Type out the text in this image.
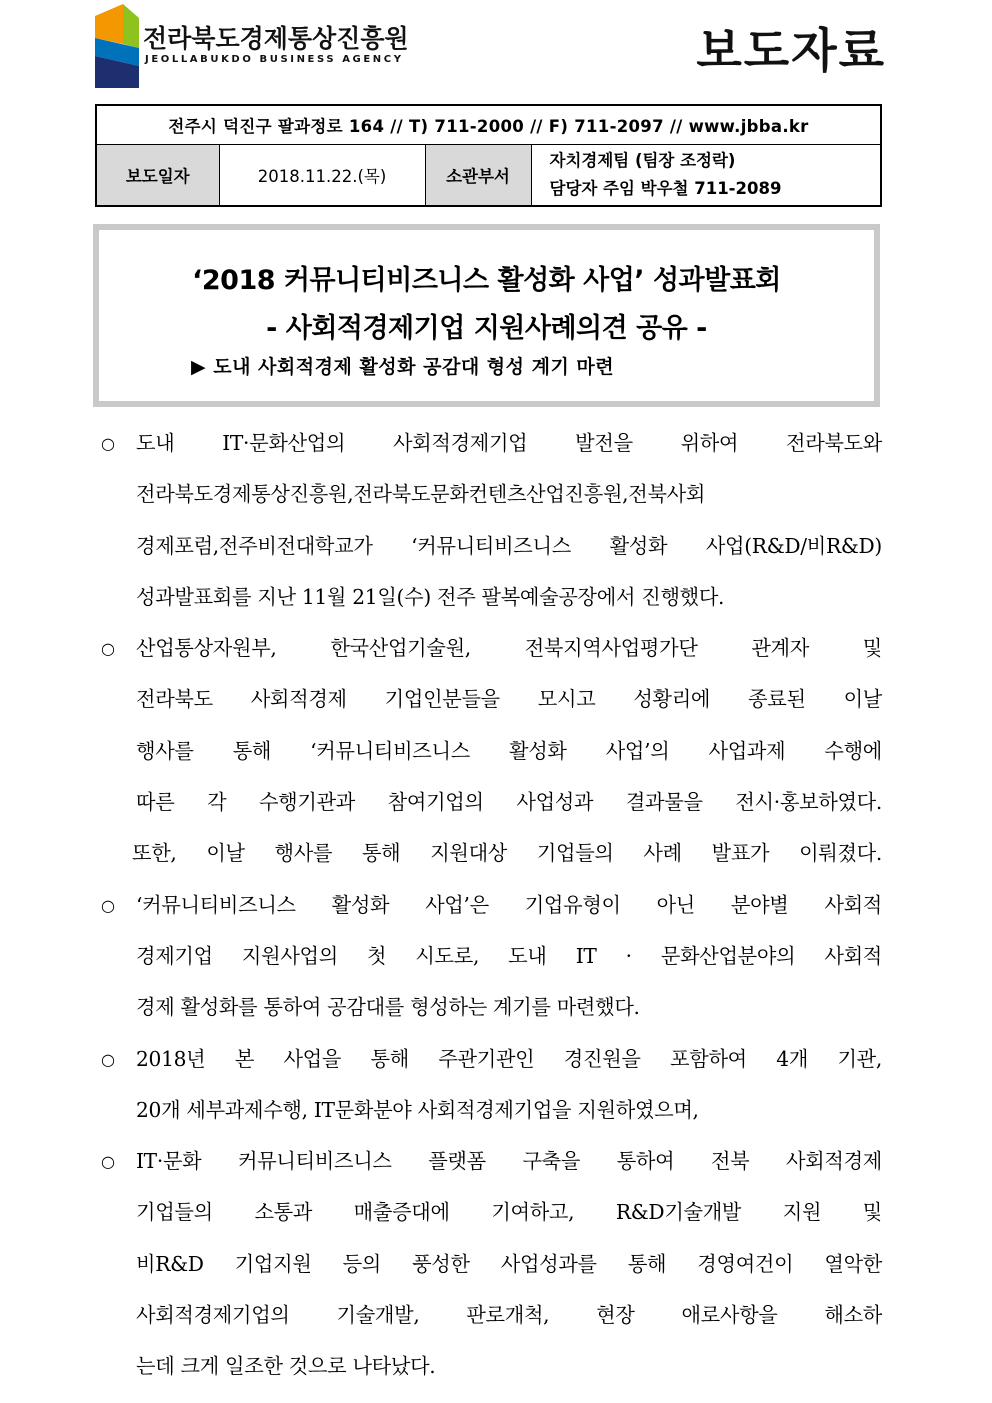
전라북도경제통상진흥원
JEOLLABUKDO BUSINESS AGENCY	보도자료
전주시 덕진구 팔과정로 164 // T) 711-2000 // F) 711-2097 // www.jbba.kr
보도일자	2018.11.22.(목)	소관부서	
자치경제팀 (팀장 조정락)
담당자 주임 박우철 711-2089
‘2018 커뮤니티비즈니스 활성화 사업’ 성과발표회
- 사회적경제기업 지원사례의견 공유 -
▶ 도내 사회적경제 활성화 공감대 형성 계기 마련
○ 도내 IT·문화산업의 사회적경제기업 발전을 위하여 전라북도와
전라북도경제통상진흥원,전라북도문화컨텐츠산업진흥원,전북사회
경제포럼,전주비전대학교가 ‘커뮤니티비즈니스 활성화 사업(R&D/비R&D)
성과발표회를 지난 11월 21일(수) 전주 팔복예술공장에서 진행했다.
○ 산업통상자원부, 한국산업기술원, 전북지역사업평가단 관계자 및
전라북도 사회적경제 기업인분들을 모시고 성황리에 종료된 이날
행사를 통해 ‘커뮤니티비즈니스 활성화 사업’의 사업과제 수행에
따른 각 수행기관과 참여기업의 사업성과 결과물을 전시·홍보하였다.
또한, 이날 행사를 통해 지원대상 기업들의 사례 발표가 이뤄졌다.
○ ‘커뮤니티비즈니스 활성화 사업’은 기업유형이 아닌 분야별 사회적
경제기업 지원사업의 첫 시도로, 도내 IT · 문화산업분야의 사회적
경제 활성화를 통하여 공감대를 형성하는 계기를 마련했다.
○ 2018년 본 사업을 통해 주관기관인 경진원을 포함하여 4개 기관,
20개 세부과제수행, IT문화분야 사회적경제기업을 지원하였으며,
○ IT·문화 커뮤니티비즈니스 플랫폼 구축을 통하여 전북 사회적경제
기업들의 소통과 매출증대에 기여하고, R&D기술개발 지원 및
비R&D 기업지원 등의 풍성한 사업성과를 통해 경영여건이 열악한
사회적경제기업의 기술개발, 판로개척, 현장 애로사항을 해소하
는데 크게 일조한 것으로 나타났다.
